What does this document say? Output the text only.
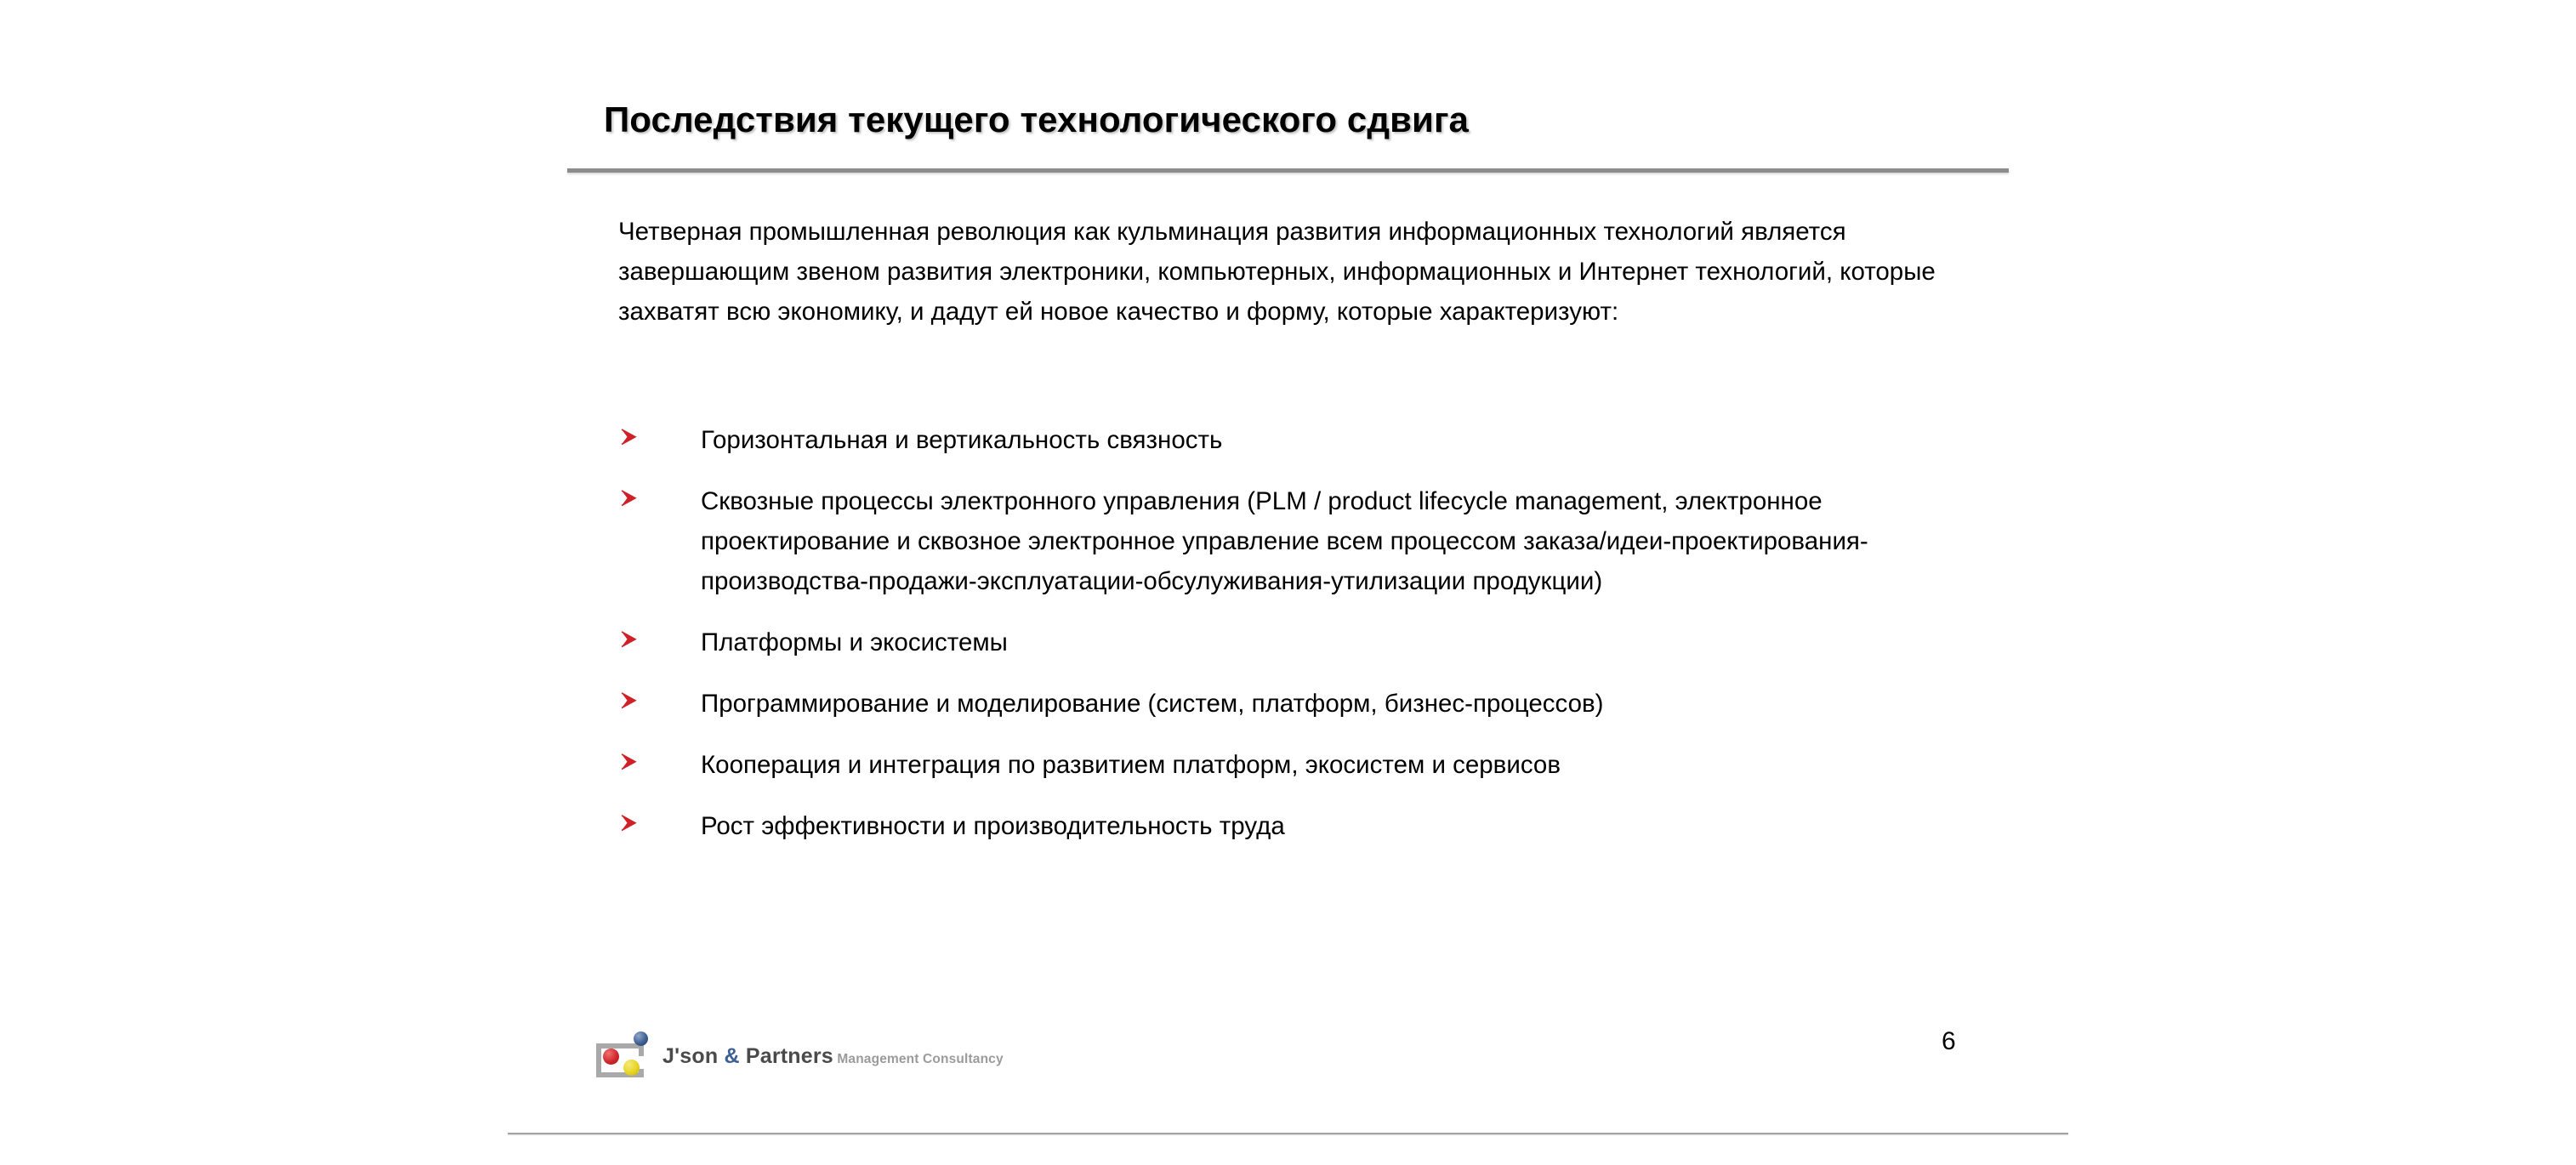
Последствия текущего технологического сдвига
Четверная промышленная революция как кульминация развития информационных технологий является завершающим звеном развития электроники, компьютерных, информационных и Интернет технологий, которые захватят всю экономику, и дадут ей новое качество и форму, которые характеризуют:
Горизонтальная и вертикальность связность
Сквозные процессы электронного управления (PLM / product lifecycle management, электронное проектирование и сквозное электронное управление всем процессом заказа/идеи-проектирования-производства-продажи-эксплуатации-обсулуживания-утилизации продукции)
Платформы и экосистемы
Программирование и моделирование (систем, платформ, бизнес-процессов)
Кооперация и интеграция по развитием платформ, экосистем и сервисов
Рост эффективности и производительность труда
J'son & Partners Management Consultancy
6
